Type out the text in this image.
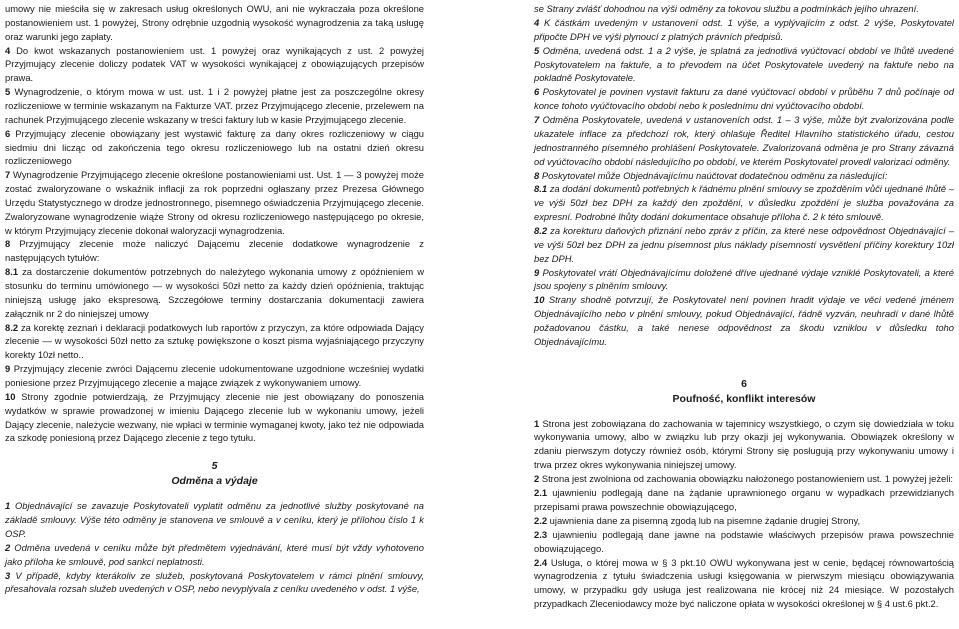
umowy nie mieściła się w zakresach usług określonych OWU, ani nie wykraczała poza określone postanowieniem ust. 1 powyżej, Strony odrębnie uzgodnią wysokość wynagrodzenia za taką usługę oraz warunki jego zapłaty.

4 Do kwot wskazanych postanowieniem ust. 1 powyżej oraz wynikających z ust. 2 powyżej Przyjmujący zlecenie doliczy podatek VAT w wysokości wynikającej z obowiązujących przepisów prawa.

5 Wynagrodzenie, o którym mowa w ust. ust. 1 i 2 powyżej płatne jest za poszczególne okresy rozliczeniowe w terminie wskazanym na Fakturze VAT. przez Przyjmującego zlecenie, przelewem na rachunek Przyjmującego zlecenie wskazany w treści faktury lub w kasie Przyjmującego zlecenie.

6 Przyjmujący zlecenie obowiązany jest wystawić fakturę za dany okres rozliczeniowy w ciągu siedmiu dni licząc od zakończenia tego okresu rozliczeniowego lub na ostatni dzień okresu rozliczeniowego

7 Wynagrodzenie Przyjmującego zlecenie określone postanowieniami ust. Ust. 1 — 3 powyżej może zostać zwaloryzowane o wskaźnik inflacji za rok poprzedni ogłaszany przez Prezesa Głównego Urzędu Statystycznego w drodze jednostronnego, pisemnego oświadczenia Przyjmującego zlecenie. Zwaloryzowane wynagrodzenie wiąże Strony od okresu rozliczeniowego następującego po okresie, w którym Przyjmujący zlecenie dokonał waloryzacji wynagrodzenia.

8 Przyjmujący zlecenie może naliczyć Dającemu zlecenie dodatkowe wynagrodzenie z następujących tytułów:

8.1 za dostarczenie dokumentów potrzebnych do należytego wykonania umowy z opóźnieniem w stosunku do terminu umówionego — w wysokości 50zł netto za każdy dzień opóźnienia, traktując niniejszą usługę jako ekspresową. Szczegółowe terminy dostarczania dokumentacji zawiera załącznik nr 2 do niniejszej umowy

8.2 za korektę zeznań i deklaracji podatkowych lub raportów z przyczyn, za które odpowiada Dający zlecenie — w wysokości 50zł netto za sztukę powiększone o koszt pisma wyjaśniającego przyczyny korekty 10zł netto..

9 Przyjmujący zlecenie zwróci Dającemu zlecenie udokumentowane uzgodnione wcześniej wydatki poniesione przez Przyjmującego zlecenie a mające związek z wykonywaniem umowy.

10 Strony zgodnie potwierdzają, że Przyjmujący zlecenie nie jest obowiązany do ponoszenia wydatków w sprawie prowadzonej w imieniu Dającego zlecenie lub w wykonaniu umowy, jeżeli Dający zlecenie, należycie wezwany, nie wpłaci w terminie wymaganej kwoty, jako też nie odpowiada za szkodę poniesioną przez Dającego zlecenie z tego tytułu.

5
Odměna a výdaje

1 Objednávající se zavazuje Poskytovateli vyplatit odměnu za jednotlivé služby poskytované na základě smlouvy. Výše této odměny je stanovena ve smlouvě a v ceníku, který je přílohou číslo 1 k OSP.

2 Odměna uvedená v ceníku může být předmětem vyjednávání, které musí být vždy vyhotoveno jako příloha ke smlouvě, pod sankcí neplatnosti.

3 V případě, kdyby kterákoliv ze služeb, poskytovaná Poskytovatelem v rámci plnění smlouvy, přesahovala rozsah služeb uvedených v OSP, nebo nevyplývala z ceníku uvedeného v odst. 1 výše,

se Strany zvlášť dohodnou na výši odměny za tokovou službu a podmínkách jejího uhrazení.

4 K částkám uvedeným v ustanovení odst. 1 výše, a vyplývajícím z odst. 2 výše, Poskytovatel připočte DPH ve výši plynoucí z platných právních předpisů.

5 Odměna, uvedená odst. 1 a 2 výše, je splatná za jednotlivá vyúčtovací období ve lhůtě uvedené Poskytovatelem na faktuře, a to převodem na účet Poskytovatele uvedený na faktuře nebo na pokladně Poskytovatele.

6 Poskytovatel je povinen vystavit fakturu za dané vyúčtovací období v průběhu 7 dnů počínaje od konce tohoto vyúčtovacího období nebo k poslednímu dni vyúčtovacího období.

7 Odměna Poskytovatele, uvedená v ustanoveních odst. 1 – 3 výše, může být zvalorizována podle ukazatele inflace za předchozí rok, který ohlašuje Ředitel Hlavního statistického úřadu, cestou jednostranného písemného prohlášení Poskytovatele. Zvalorizovaná odměna je pro Strany závazná od vyúčtovacího období následujícího po období, ve kterém Poskytovatel provedl valorizaci odměny.

8 Poskytovatel může Objednávajícímu naúčtovat dodatečnou odměnu za následující:

8.1 za dodání dokumentů potřebných k řádnému plnění smlouvy se zpožděním vůči ujednané lhůtě – ve výši 50zł bez DPH za každý den zpoždění, v důsledku zpoždění je služba považována za expresní. Podrobné lhůty dodání dokumentace obsahuje příloha č. 2 k této smlouvě.

8.2 za korekturu daňových přiznání nebo zpráv z příčin, za které nese odpovědnost Objednávající – ve výši 50zł bez DPH za jednu písemnost plus náklady písemností vysvětlení příčiny korektury 10zł bez DPH.

9 Poskytovatel vrátí Objednávajícímu doložené dříve ujednané výdaje vzniklé Poskytovateli, a které jsou spojeny s plněním smlouvy.

10 Strany shodně potvrzují, že Poskytovatel není povinen hradit výdaje ve věci vedené jménem Objednávajícího nebo v plnění smlouvy, pokud Objednávající, řádně vyzván, neuhradí v dané lhůtě požadovanou částku, a také nenese odpovědnost za škodu vzniklou v důsledku toho Objednávajícímu.

6
Poufność, konflikt interesów

1 Strona jest zobowiązana do zachowania w tajemnicy wszystkiego, o czym się dowiedziała w toku wykonywania umowy, albo w związku lub przy okazji jej wykonywania. Obowiązek określony w zdaniu pierwszym dotyczy również osób, którymi Strony się posługują przy wykonywaniu umowy i trwa przez okres wykonywania niniejszej umowy.

2 Strona jest zwolniona od zachowania obowiązku nałożonego postanowieniem ust. 1 powyżej jeżeli:

2.1 ujawnieniu podlegają dane na żądanie uprawnionego organu w wypadkach przewidzianych przepisami prawa powszechnie obowiązującego,

2.2 ujawnienia dane za pisemną zgodą lub na pisemne żądanie drugiej Strony,

2.3 ujawnieniu podlegają dane jawne na podstawie właściwych przepisów prawa powszechnie obowiązującego.

2.4 Usługa, o której mowa w § 3 pkt.10 OWU wykonywana jest w cenie, będącej równowartością wynagrodzenia z tytułu świadczenia usługi księgowania w pierwszym miesiącu obowiązywania umowy, w przypadku gdy usługa jest realizowana nie krócej niż 24 miesiące. W pozostałych przypadkach Zleceniodawcy może być naliczone opłata w wysokości określonej w § 4 ust.6 pkt.2.
